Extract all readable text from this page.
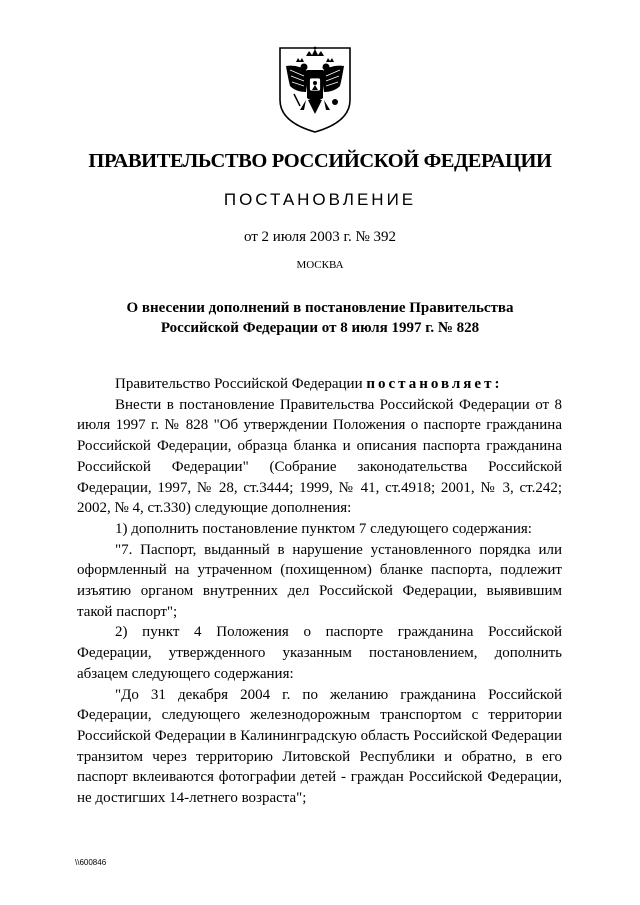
ПРАВИТЕЛЬСТВО РОССИЙСКОЙ ФЕДЕРАЦИИ
ПОСТАНОВЛЕНИЕ
от 2 июля 2003 г. № 392
МОСКВА
О внесении дополнений в постановление Правительства
Российской Федерации от 8 июля 1997 г. № 828

Правительство Российской Федерации постановляет:

Внести в постановление Правительства Российской Федерации от 8 июля 1997 г. № 828 "Об утверждении Положения о паспорте гражданина Российской Федерации, образца бланка и описания паспорта гражданина Российской Федерации" (Собрание законодательства Российской Федерации, 1997, № 28, ст.3444; 1999, № 41, ст.4918; 2001, № 3, ст.242; 2002, № 4, ст.330) следующие дополнения:

1) дополнить постановление пунктом 7 следующего содержания:

"7. Паспорт, выданный в нарушение установленного порядка или оформленный на утраченном (похищенном) бланке паспорта, подлежит изъятию органом внутренних дел Российской Федерации, выявившим такой паспорт";

2) пункт 4 Положения о паспорте гражданина Российской Федерации, утвержденного указанным постановлением, дополнить абзацем следующего содержания:

"До 31 декабря 2004 г. по желанию гражданина Российской Федерации, следующего железнодорожным транспортом с территории Российской Федерации в Калининградскую область Российской Федерации транзитом через территорию Литовской Республики и обратно, в его паспорт вклеиваются фотографии детей - граждан Российской Федерации, не достигших 14-летнего возраста";

\\600846
